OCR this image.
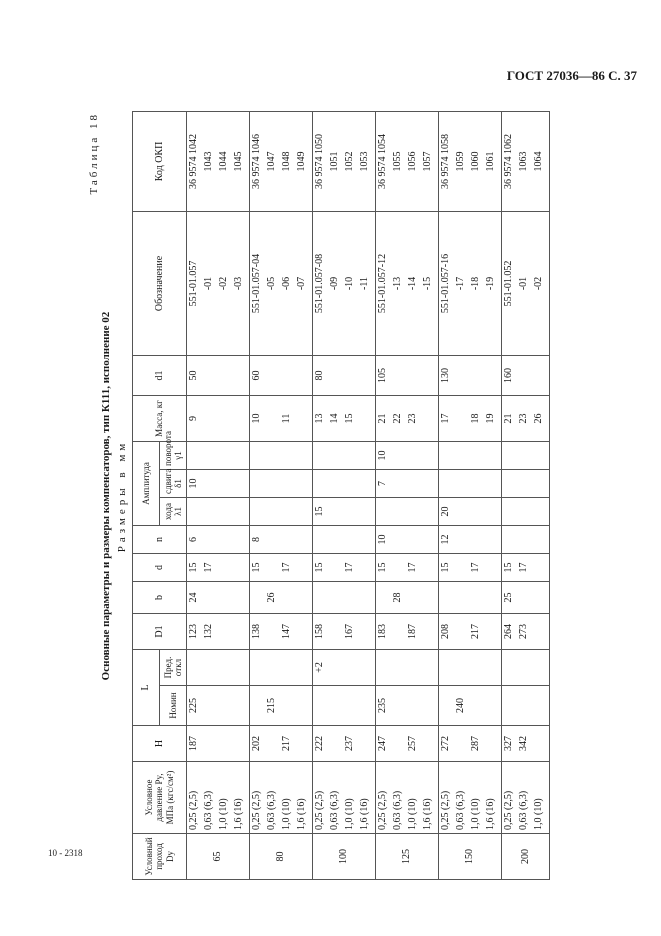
ГОСТ 27036—86 С. 37
10 - 2318
Таблица 18
Основные параметры и размеры компенсаторов, тип К111, исполнение 02 Размеры в мм
Условный проход Dy	Условное давление Py, МПа (кгс/см²)	H	L		D1	b	d	n	Амплитуда			Масса, кг	d1	Обозначение	Код ОКП
			Номин	Пред. откл					хода λ1	сдвига δ1	поворота γ1				
65	0,25 (2,5) 0,63 (6,3) 1,0 (10) 1,6 (16)	187	225		123 132	24	15 17	6		10		9	50	551-01.057 -01 -02 -03	36 9574 1042 1043 1044 1045

80	0,25 (2,5) 0,63 (6,3) 1,0 (10) 1,6 (16)	202 217	215		138 147	26	15 17	8				10 11	60	551-01.057-04 -05 -06 -07	36 9574 1046 1047 1048 1049

100	0,25 (2,5) 0,63 (6,3) 1,0 (10) 1,6 (16)	222 237		+2	158 167		15 17		15			13 14 15	80	551-01.057-08 -09 -10 -11	36 9574 1050 1051 1052 1053

125	0,25 (2,5) 0,63 (6,3) 1,0 (10) 1,6 (16)	247 257	235		183 187	28	15 17	10		7	10	21 22 23	105	551-01.057-12 -13 -14 -15	36 9574 1054 1055 1056 1057

150	0,25 (2,5) 0,63 (6,3) 1,0 (10) 1,6 (16)	272 287	240		208 217		15 17	12	20			17 18 19	130	551-01.057-16 -17 -18 -19	36 9574 1058 1059 1060 1061

200	0,25 (2,5) 0,63 (6,3) 1,0 (10)	327 342			264 273	25	15 17					21 23 26	160	551-01.052 -01 -02	36 9574 1062 1063 1064
